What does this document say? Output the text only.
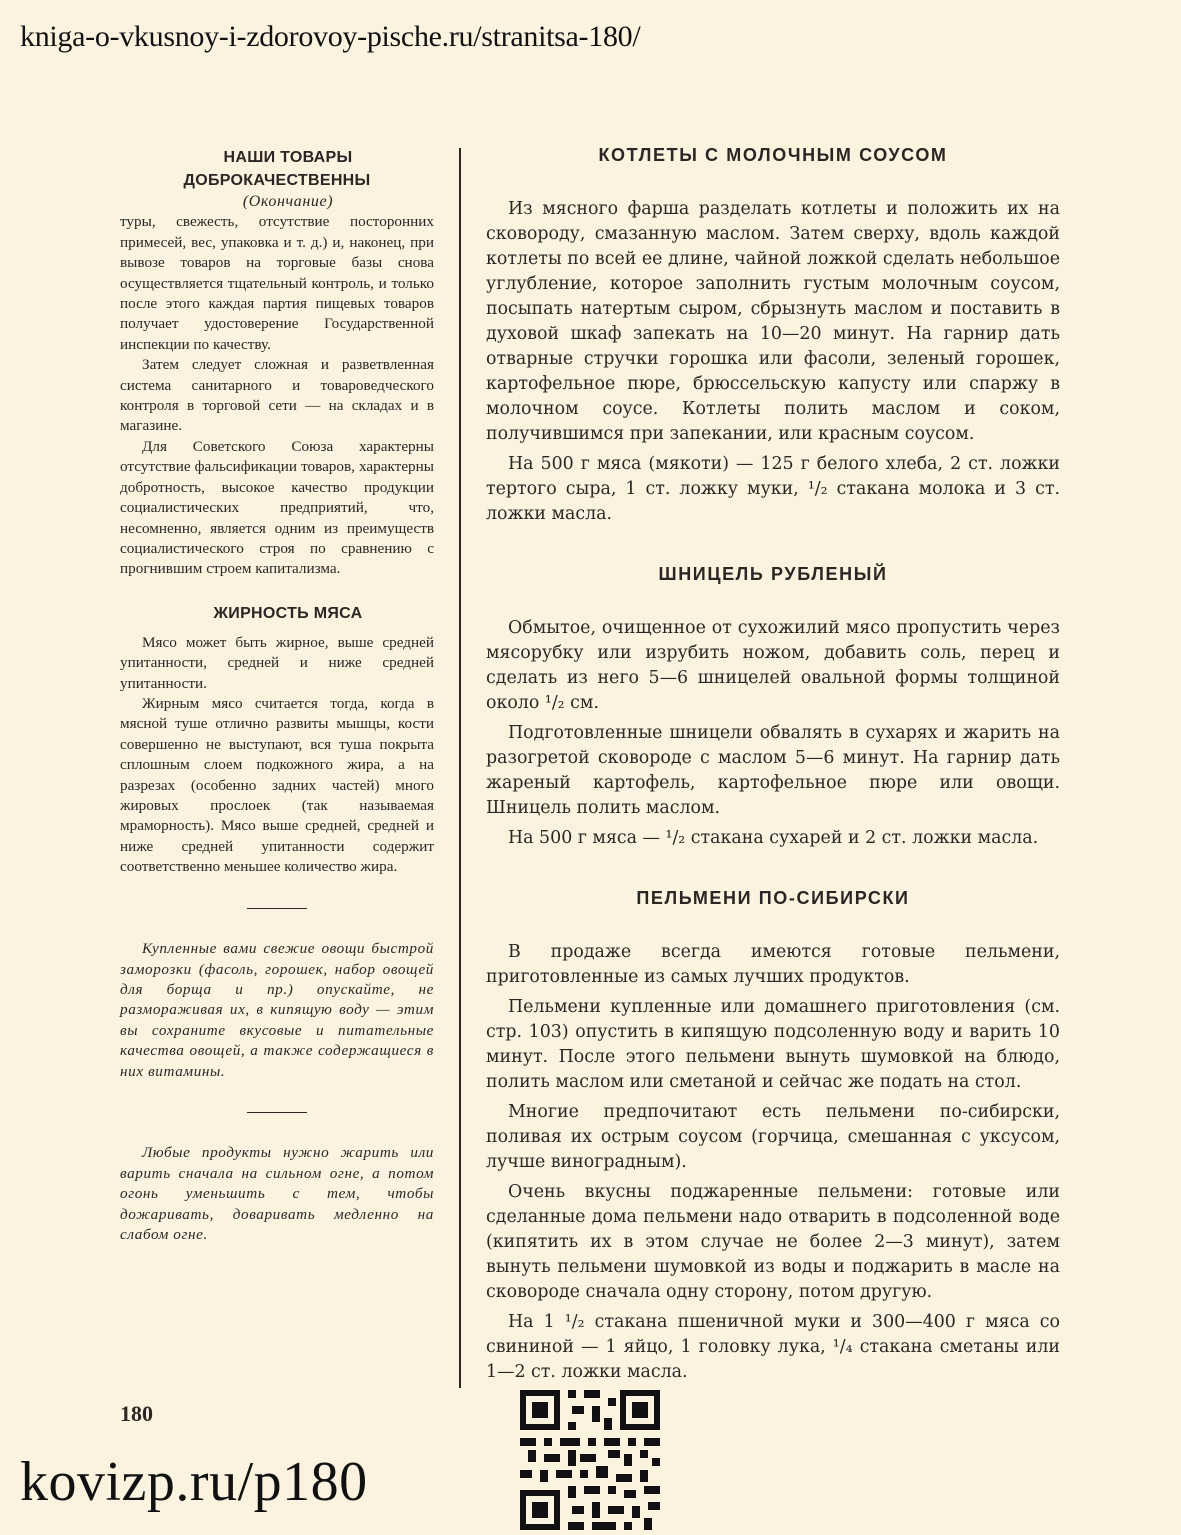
kniga-o-vkusnoy-i-zdorovoy-pische.ru/stranitsa-180/

НАШИ ТОВАРЫ
ДОБРОКАЧЕСТВЕННЫ

(Окончание)

туры, свежесть, отсутствие посторонних примесей, вес, упаковка и т. д.) и, наконец, при вывозе товаров на торговые базы снова осуществляется тщательный контроль, и только после этого каждая партия пищевых товаров получает удостоверение Государственной инспекции по качеству.

Затем следует сложная и разветвленная система санитарного и товароведческого контроля в торговой сети — на складах и в магазине.

Для Советского Союза характерны отсутствие фальсификации товаров, характерны добротность, высокое качество продукции социалистических предприятий, что, несомненно, является одним из преимуществ социалистического строя по сравнению с прогнившим строем капитализма.

ЖИРНОСТЬ МЯСА

Мясо может быть жирное, выше средней упитанности, средней и ниже средней упитанности.

Жирным мясо считается тогда, когда в мясной туше отлично развиты мышцы, кости совершенно не выступают, вся туша покрыта сплошным слоем подкожного жира, а на разрезах (особенно задних частей) много жировых прослоек (так называемая мраморность). Мясо выше средней, средней и ниже средней упитанности содержит соответственно меньшее количество жира.

Купленные вами свежие овощи быстрой заморозки (фасоль, горошек, набор овощей для борща и пр.) опускайте, не размораживая их, в кипящую воду — этим вы сохраните вкусовые и питательные качества овощей, а также содержащиеся в них витамины.

Любые продукты нужно жарить или варить сначала на сильном огне, а потом огонь уменьшить с тем, чтобы дожаривать, доваривать медленно на слабом огне.

КОТЛЕТЫ С МОЛОЧНЫМ СОУСОМ

Из мясного фарша разделать котлеты и положить их на сковороду, смазанную маслом. Затем сверху, вдоль каждой котлеты по всей ее длине, чайной ложкой сделать небольшое углубление, которое заполнить густым молочным соусом, посыпать натертым сыром, сбрызнуть маслом и поставить в духовой шкаф запекать на 10—20 минут. На гарнир дать отварные стручки горошка или фасоли, зеленый горошек, картофельное пюре, брюссельскую капусту или спаржу в молочном соусе. Котлеты полить маслом и соком, получившимся при запекании, или красным соусом.

На 500 г мяса (мякоти) — 125 г белого хлеба, 2 ст. ложки тертого сыра, 1 ст. ложку муки, ¹/₂ стакана молока и 3 ст. ложки масла.

ШНИЦЕЛЬ РУБЛЕНЫЙ

Обмытое, очищенное от сухожилий мясо пропустить через мясорубку или изрубить ножом, добавить соль, перец и сделать из него 5—6 шницелей овальной формы толщиной около ¹/₂ см.

Подготовленные шницели обвалять в сухарях и жарить на разогретой сковороде с маслом 5—6 минут. На гарнир дать жареный картофель, картофельное пюре или овощи. Шницель полить маслом.

На 500 г мяса — ¹/₂ стакана сухарей и 2 ст. ложки масла.

ПЕЛЬМЕНИ ПО-СИБИРСКИ

В продаже всегда имеются готовые пельмени, приготовленные из самых лучших продуктов.

Пельмени купленные или домашнего приготовления (см. стр. 103) опустить в кипящую подсоленную воду и варить 10 минут. После этого пельмени вынуть шумовкой на блюдо, полить маслом или сметаной и сейчас же подать на стол.

Многие предпочитают есть пельмени по-сибирски, поливая их острым соусом (горчица, смешанная с уксусом, лучше виноградным).

Очень вкусны поджаренные пельмени: готовые или сделанные дома пельмени надо отварить в подсоленной воде (кипятить их в этом случае не более 2—3 минут), затем вынуть пельмени шумовкой из воды и поджарить в масле на сковороде сначала одну сторону, потом другую.

На 1 ¹/₂ стакана пшеничной муки и 300—400 г мяса со свининой — 1 яйцо, 1 головку лука, ¹/₄ стакана сметаны или 1—2 ст. ложки масла.

180
kovizp.ru/p180
